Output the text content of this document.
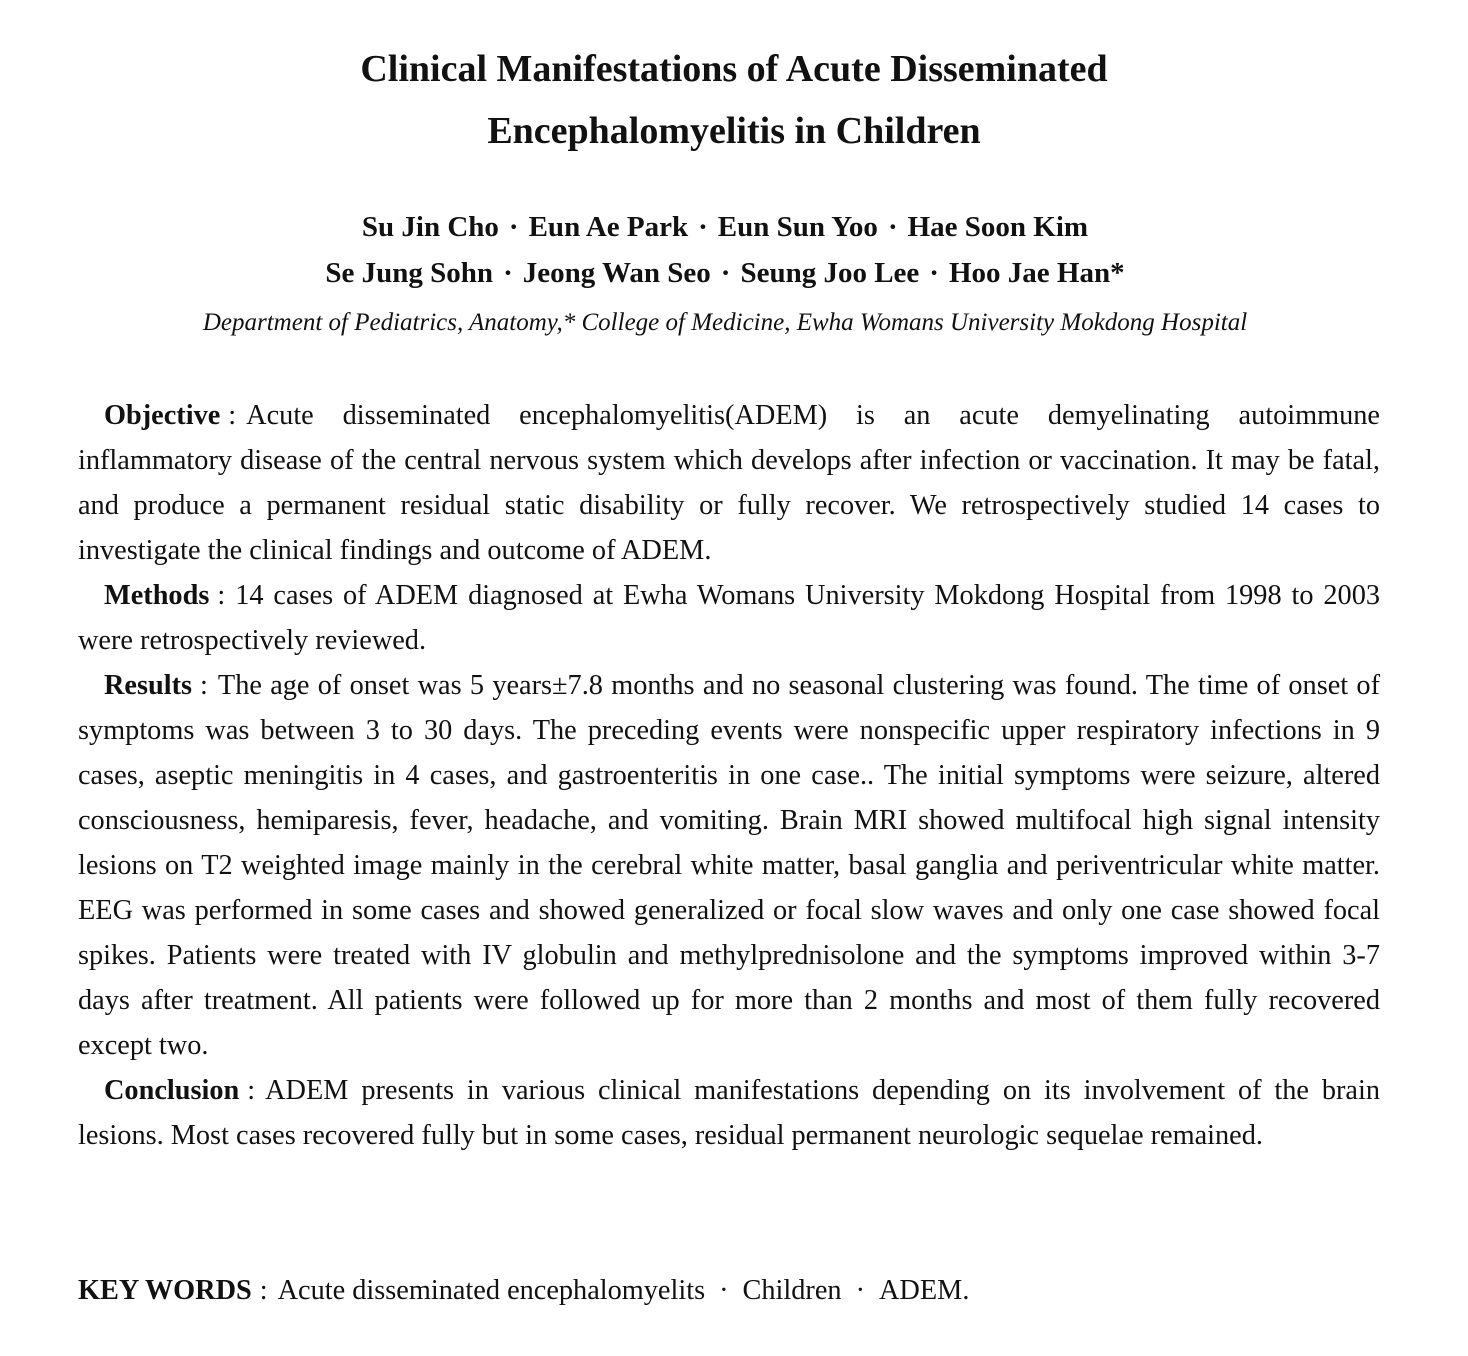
Clinical Manifestations of Acute Disseminated
Encephalomyelitis in Children
Su Jin Cho · Eun Ae Park · Eun Sun Yoo · Hae Soon Kim
Se Jung Sohn · Jeong Wan Seo · Seung Joo Lee · Hoo Jae Han*
Department of Pediatrics, Anatomy,* College of Medicine, Ewha Womans University Mokdong Hospital

Objective : Acute disseminated encephalomyelitis(ADEM) is an acute demyelinating autoimmune inflammatory disease of the central nervous system which develops after infection or vaccination. It may be fatal, and produce a permanent residual static disability or fully recover. We retrospectively studied 14 cases to investigate the clinical findings and outcome of ADEM.

Methods : 14 cases of ADEM diagnosed at Ewha Womans University Mokdong Hospital from 1998 to 2003 were retrospectively reviewed.

Results : The age of onset was 5 years±7.8 months and no seasonal clustering was found. The time of onset of symptoms was between 3 to 30 days. The preceding events were nonspecific upper respiratory infections in 9 cases, aseptic meningitis in 4 cases, and gastroenteritis in one case.. The initial symptoms were seizure, altered consciousness, hemiparesis, fever, headache, and vomiting. Brain MRI showed multifocal high signal intensity lesions on T2 weighted image mainly in the cerebral white matter, basal ganglia and periventricular white matter. EEG was performed in some cases and showed generalized or focal slow waves and only one case showed focal spikes. Patients were treated with IV globulin and methylprednisolone and the symptoms improved within 3-7 days after treatment. All patients were followed up for more than 2 months and most of them fully recovered except two.

Conclusion : ADEM presents in various clinical manifestations depending on its involvement of the brain lesions. Most cases recovered fully but in some cases, residual permanent neurologic sequelae remained.

KEY WORDS : Acute disseminated encephalomyelits · Children · ADEM.
